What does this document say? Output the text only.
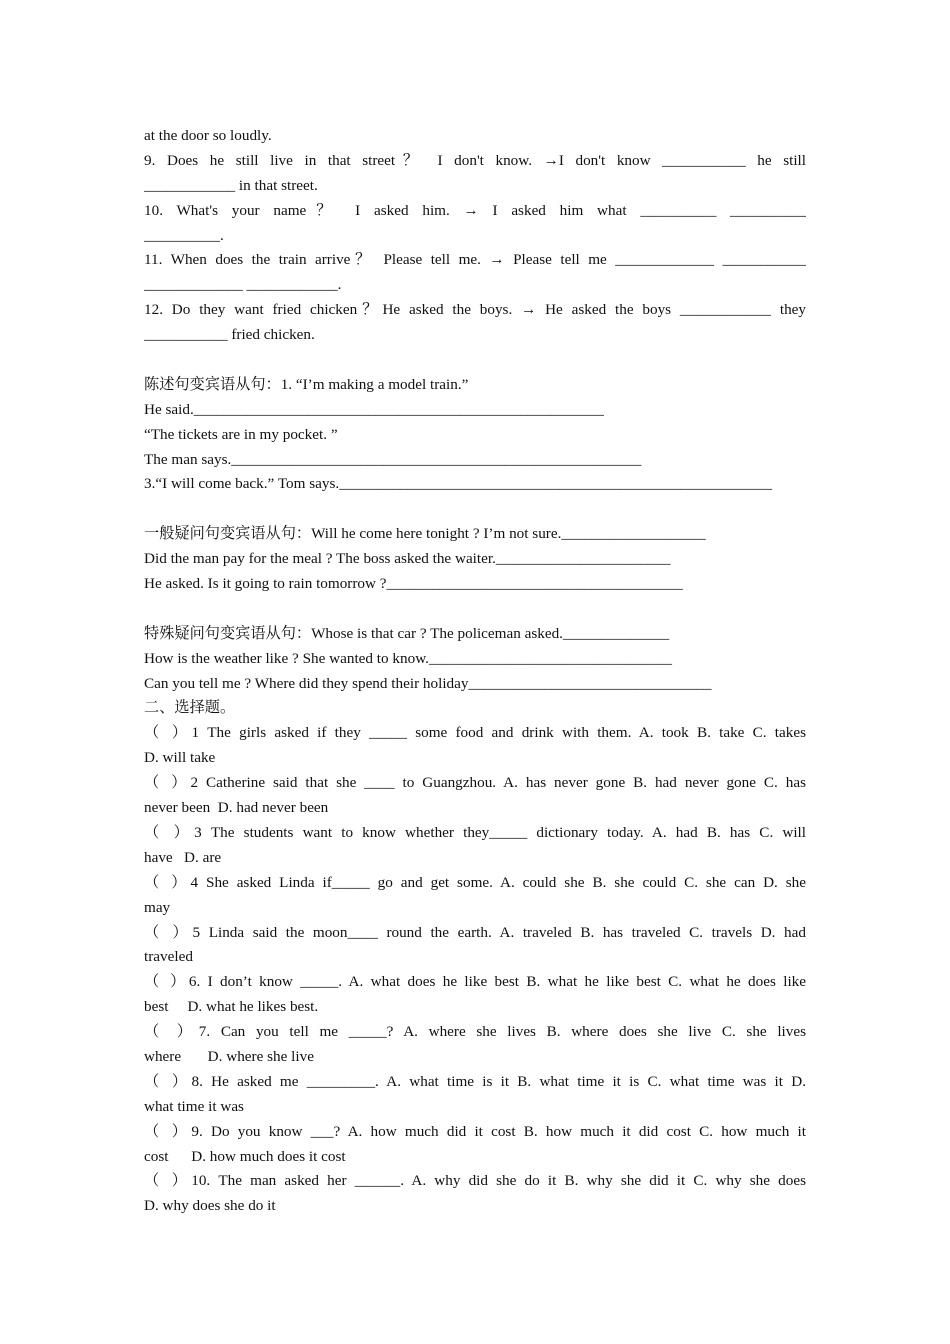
at the door so loudly.
9. Does he still live in that street？ I don't know. →I don't know ___________ he still
____________ in that street.
10. What's your name？ I asked him. → I asked him what __________ __________
__________.
11. When does the train arrive？ Please tell me. → Please tell me _____________ ___________
_____________ ____________.
12. Do they want fried chicken？He asked the boys. → He asked the boys ____________ they
___________ fried chicken.
陈述句变宾语从句：1. “I’m making a model train.”
He said.______________________________________________________
“The tickets are in my pocket. ”
The man says.______________________________________________________
3.“I will come back.” Tom says._________________________________________________________
一般疑问句变宾语从句：Will he come here tonight ? I’m not sure.___________________
Did the man pay for the meal ? The boss asked the waiter._______________________
He asked. Is it going to rain tomorrow ?_______________________________________
特殊疑问句变宾语从句：Whose is that car ? The policeman asked.______________
How is the weather like ? She wanted to know.________________________________
Can you tell me ? Where did they spend their holiday________________________________
二、选择题。
（ ）1 The girls asked if they _____ some food and drink with them. A. took B. take C. takes
D. will take
（ ）2 Catherine said that she ____ to Guangzhou. A. has never gone B. had never gone C. has
never been  D. had never been
（ ）3 The students want to know whether they_____ dictionary today. A. had B. has C. will
have   D. are
（ ）4 She asked Linda if_____ go and get some. A. could she B. she could C. she can D. she
may
（ ）5 Linda said the moon____ round the earth. A. traveled B. has traveled C. travels D. had
traveled
（ ）6. I don’t know _____. A. what does he like best B. what he like best C. what he does like
best     D. what he likes best.
（ ）7. Can you tell me _____? A. where she lives B. where does she live C. she lives
where       D. where she live
（ ）8. He asked me _________. A. what time is it B. what time it is C. what time was it D.
what time it was
（ ）9. Do you know ___? A. how much did it cost B. how much it did cost C. how much it
cost      D. how much does it cost
（ ）10. The man asked her ______. A. why did she do it B. why she did it C. why she does
D. why does she do it
